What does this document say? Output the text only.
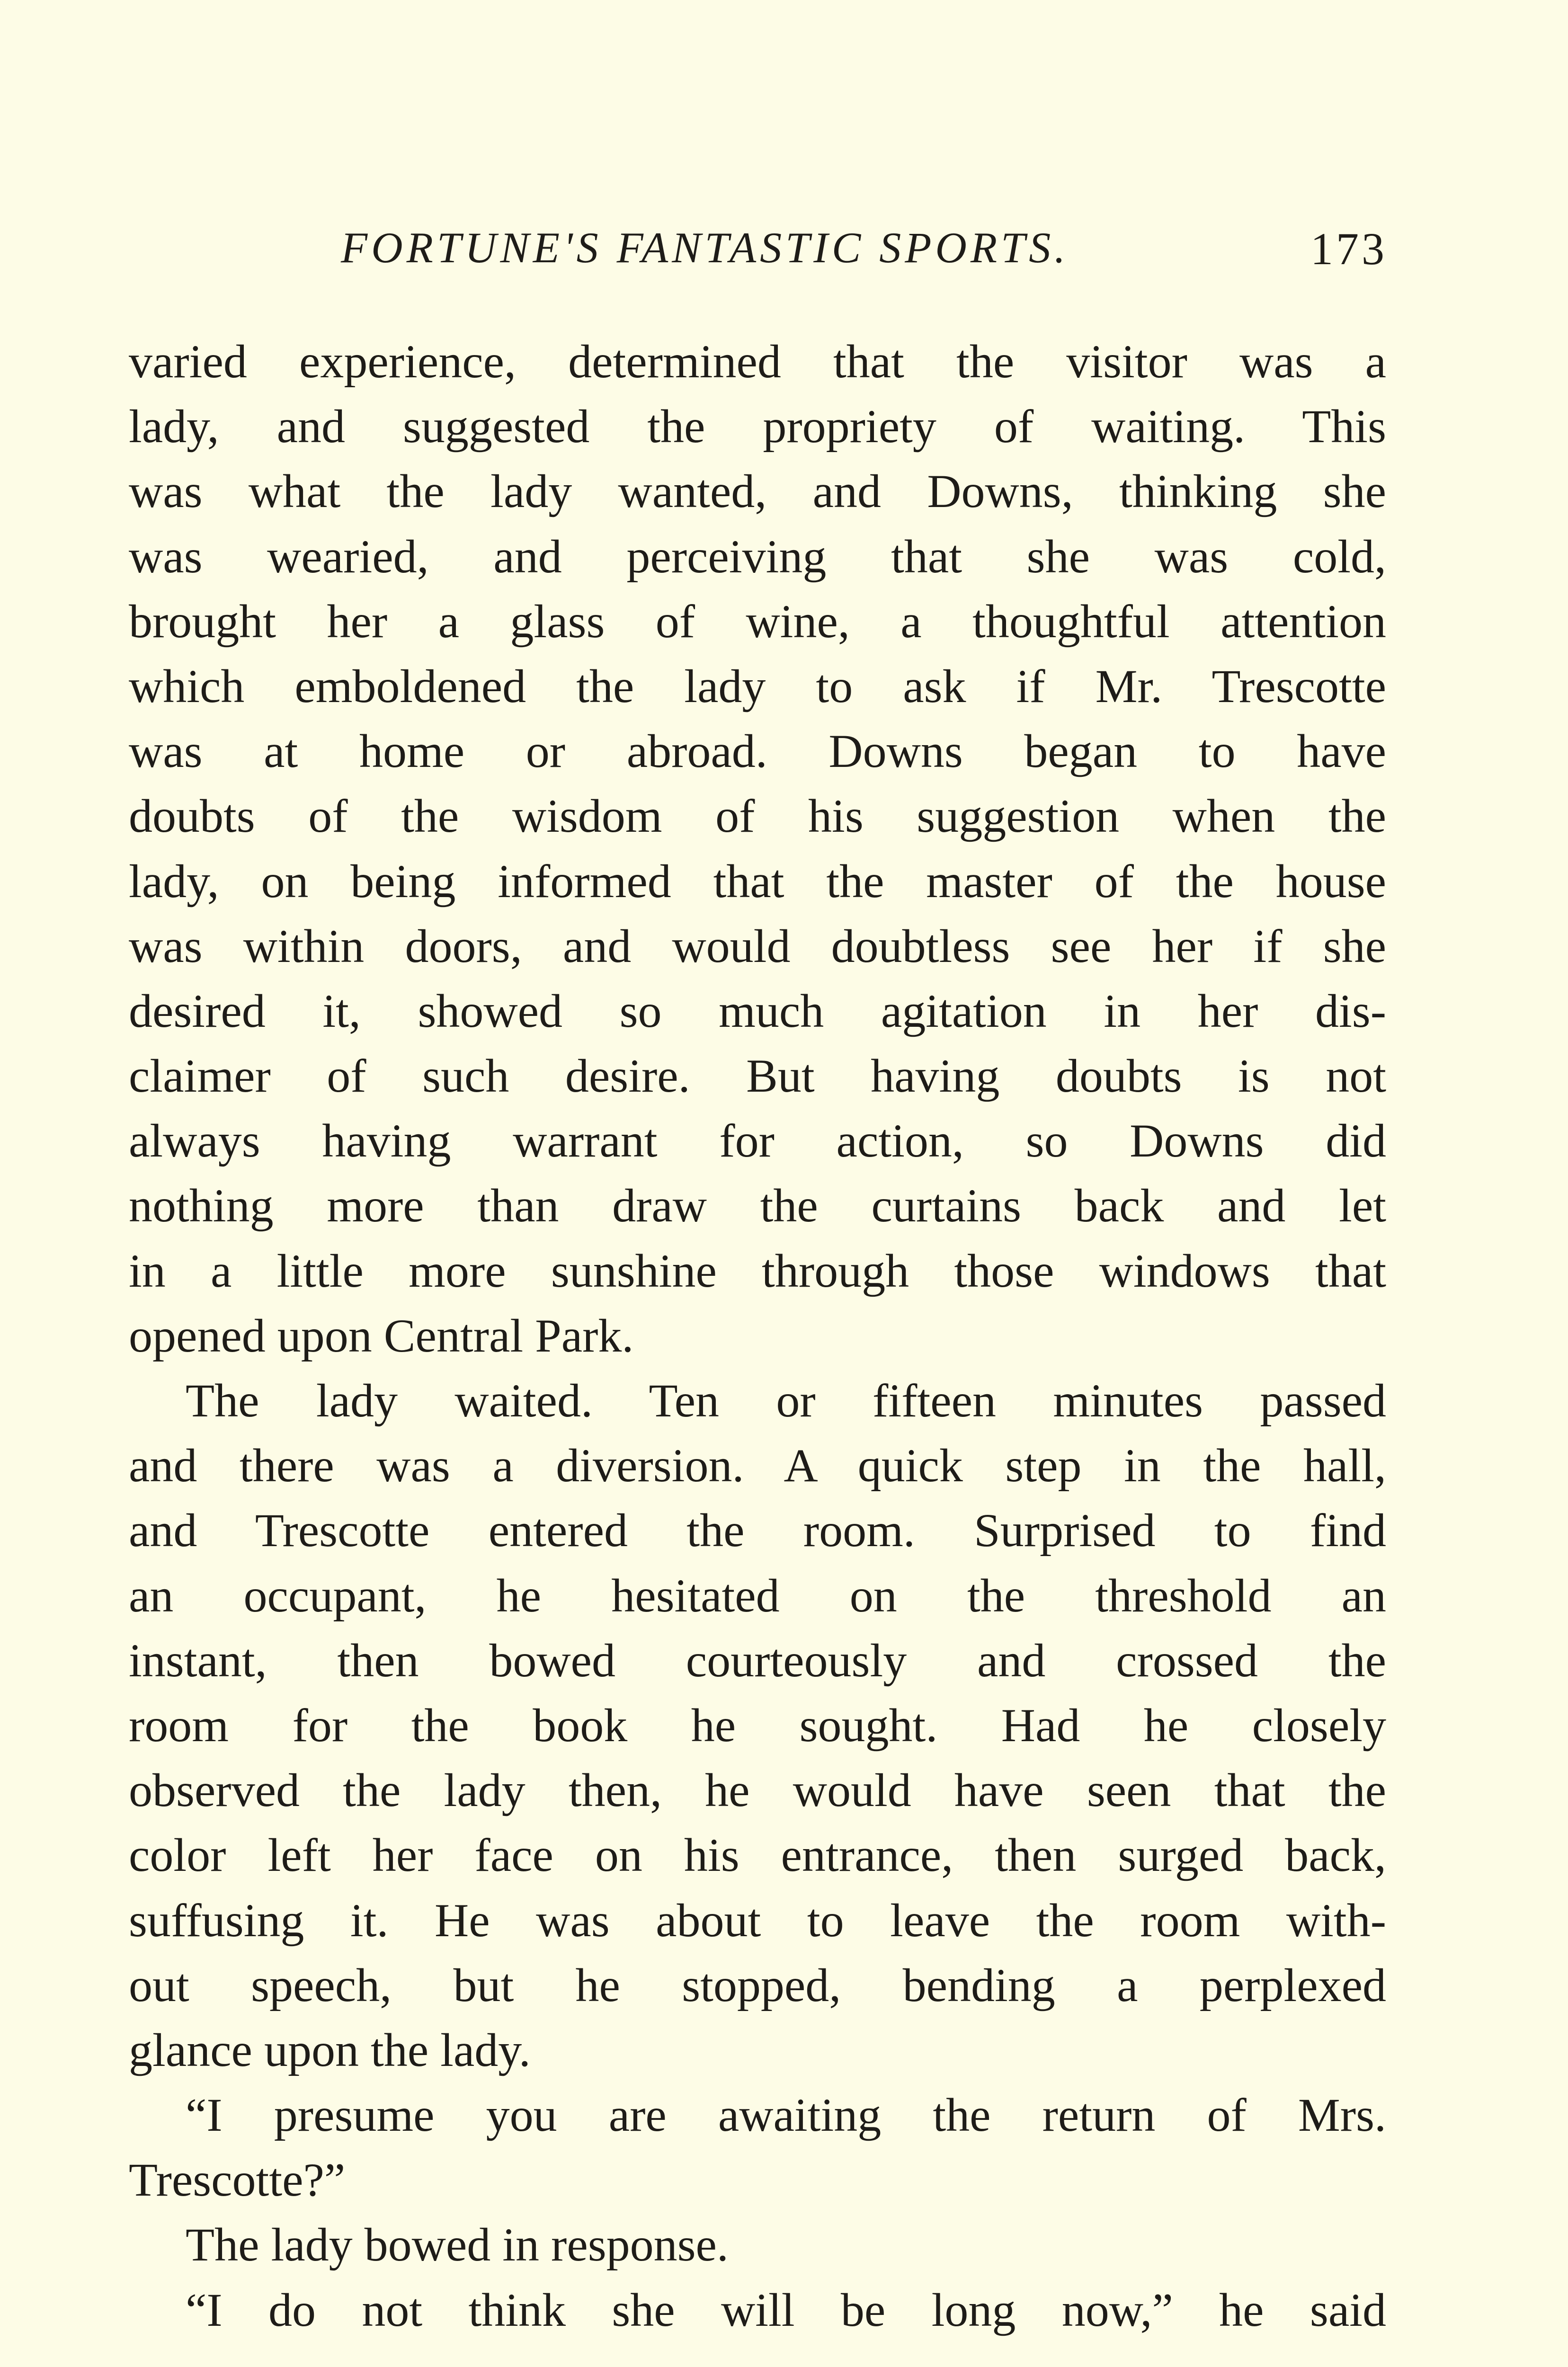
FORTUNE'S FANTASTIC SPORTS.	173
varied experience, determined that the visitor was a
lady, and suggested the propriety of waiting. This
was what the lady wanted, and Downs, thinking she
was wearied, and perceiving that she was cold,
brought her a glass of wine, a thoughtful attention
which emboldened the lady to ask if Mr. Trescotte
was at home or abroad. Downs began to have
doubts of the wisdom of his suggestion when the
lady, on being informed that the master of the house
was within doors, and would doubtless see her if she
desired it, showed so much agitation in her dis-
claimer of such desire. But having doubts is not
always having warrant for action, so Downs did
nothing more than draw the curtains back and let
in a little more sunshine through those windows that
opened upon Central Park.
The lady waited. Ten or fifteen minutes passed
and there was a diversion. A quick step in the hall,
and Trescotte entered the room. Surprised to find
an occupant, he hesitated on the threshold an
instant, then bowed courteously and crossed the
room for the book he sought. Had he closely
observed the lady then, he would have seen that the
color left her face on his entrance, then surged back,
suffusing it. He was about to leave the room with-
out speech, but he stopped, bending a perplexed
glance upon the lady.
“I presume you are awaiting the return of Mrs.
Trescotte?”
The lady bowed in response.
“I do not think she will be long now,” he said
